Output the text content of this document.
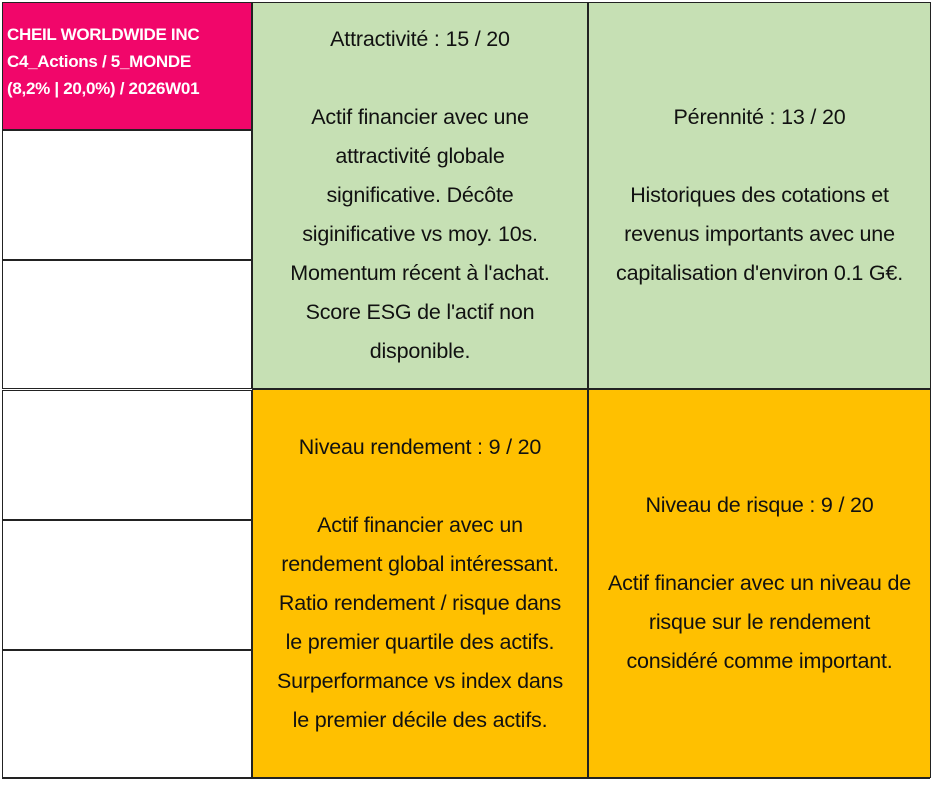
CHEIL WORLDWIDE INC
C4_Actions / 5_MONDE
(8,2% | 20,0%) / 2026W01
Attractivité : 15 / 20
Actif financier avec une
attractivité globale
significative. Décôte
siginificative vs moy. 10s.
Momentum récent à l'achat.
Score ESG de l'actif non
disponible.
Pérennité : 13 / 20
Historiques des cotations et
revenus importants avec une
capitalisation d'environ 0.1 G€.
Niveau rendement : 9 / 20
Actif financier avec un
rendement global intéressant.
Ratio rendement / risque dans
le premier quartile des actifs.
Surperformance vs index dans
le premier décile des actifs.
Niveau de risque : 9 / 20
Actif financier avec un niveau de
risque sur le rendement
considéré comme important.
